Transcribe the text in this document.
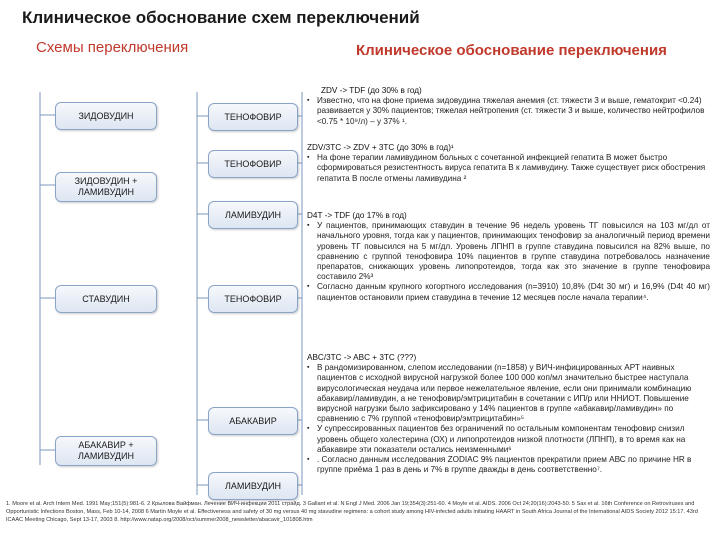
Клиническое обоснование схем переключений
Схемы переключения	Клиническое обоснование переключения
ЗИДОВУДИН
ЗИДОВУДИН + ЛАМИВУДИН
СТАВУДИН
АБАКАВИР + ЛАМИВУДИН
ТЕНОФОВИР
ТЕНОФОВИР
ЛАМИВУДИН
ТЕНОФОВИР
АБАКАВИР
ЛАМИВУДИН
ZDV -> TDF (до 30% в год)
▪ Известно, что на фоне приема зидовудина тяжелая анемия (ст. тяжести 3 и выше, гематокрит <0.24) развивается у 30% пациентов; тяжелая нейтропения (ст. тяжести 3 и выше, количество нейтрофилов <0.75 * 10⁹/л) – у 37% ¹.
ZDV/3TC -> ZDV + 3TC (до 30% в год)¹
▪ На фоне терапии ламивудином больных с сочетанной инфекцией гепатита В может быстро сформироваться резистентность вируса гепатита В к ламивудину. Также существует риск обострения гепатита В после отмены ламивудина ²
D4T -> TDF (до 17% в год)
▪ У пациентов, принимающих ставудин в течение 96 недель уровень ТГ повысился на 103 мг/дл от начального уровня, тогда как у пациентов, принимающих тенофовир за аналогичный период времени уровень ТГ повысился на 5 мг/дл. Уровень ЛПНП в группе ставудина повысился на 82% выше, по сравнению с группой тенофовира 10% пациентов в группе ставудина потребовалось назначение препаратов, снижающих уровень липопротеидов, тогда как это значение в группе тенофовира составило 2%³
▪ Согласно данным крупного когортного исследования (n=3910) 10,8% (D4t 30 мг) и 16,9% (D4t 40 мг) пациентов остановили прием ставудина в течение 12 месяцев после начала терапии⁴.
ABC/3TC -> ABC + 3TC (???)
▪ В рандомизированном, слепом исследовании (n=1858) у ВИЧ-инфицированных АРТ наивных пациентов с исходной вирусной нагрузкой более 100 000 коп/мл значительно быстрее наступала вирусологическая неудача или первое нежелательное явление, если они принимали комбинацию абакавир/ламивудин, а не тенофовир/эмтрицитабин в сочетании с ИП/р или ННИОТ. Повышение вирусной нагрузки было зафиксировано у 14% пациентов в группе «абакавир/ламивудин» по сравнению с 7% группой «тенофовир/эмтрицитабин»⁵
▪ У супрессированных пациентов без ограничений по остальным компонентам тенофовир снизил уровень общего холестерина (ОХ) и липопротеидов низкой плотности (ЛПНП), в то время как на абакавире эти показатели остались неизменными⁶
▪ . Согласно данным исследования ZODIAC 9% пациентов прекратили прием АВС по причине НR в группе приёма 1 раз в день и 7% в группе дважды в день соответственно⁷.
1. Moore et al. Arch Intern Med. 1991 May;151(5):981-6. 2 Крылова Вайфман. Лечение ВИЧ-инфекции 2011 страйд. 3 Gallant et al. N Engl J Med. 2006 Jan 19;354(3):251-60. 4 Moyle et al. AIDS. 2006 Oct 24;20(16):2043-50. 5 Sax et al. 16th Conference on Retroviruses and Opportunistic Infections Boston, Mass, Feb 10-14, 2008 6 Martin Moyle et al. Effectiveness and safety of 30 mg versus 40 mg stavudine regimens: a cohort study among HIV-infected adults initiating HAART in South Africa Journal of the International AIDS Society 2012 15:17. 43rd ICAAC Meeting Chicago, Sept 13-17, 2003 8. http://www.natap.org/2008/oct/summer2008_newsletter/abacavir_101808.htm
